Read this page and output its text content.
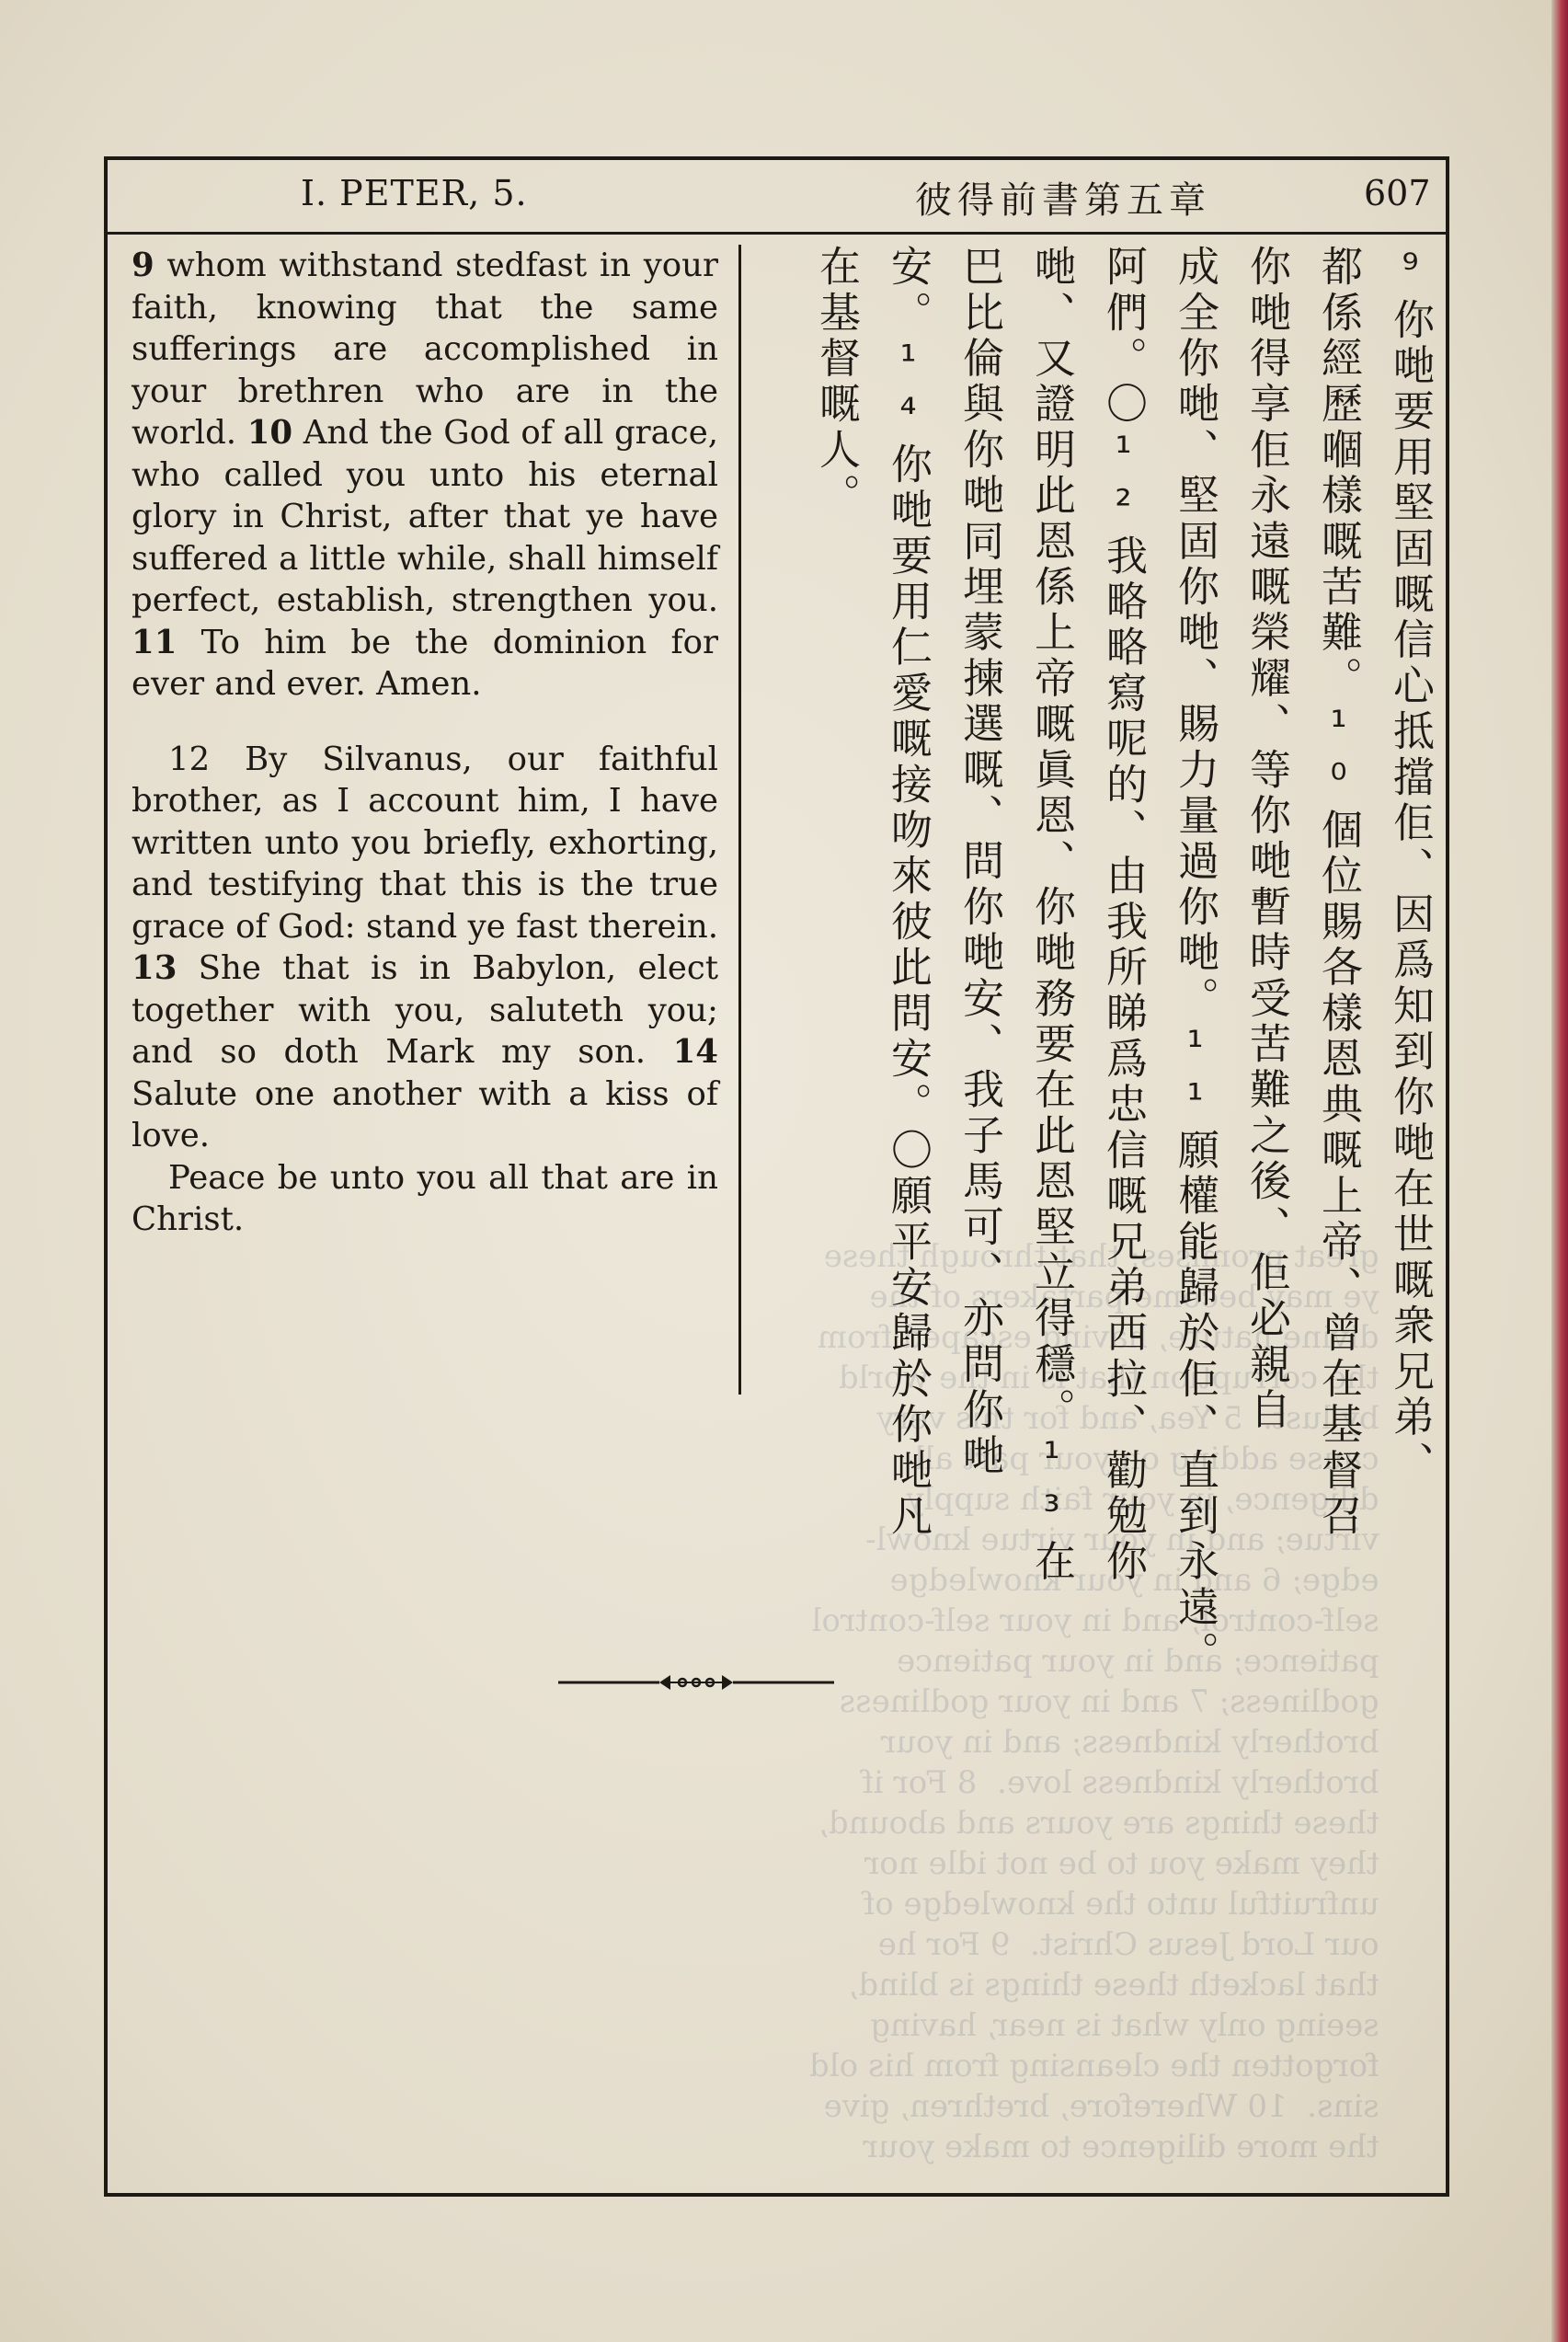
great promises; that through these
ye may become partakers of the
divine nature, having escaped from
the corruption that is in the world
by lust.  5 Yea, and for this very
cause adding on your part all
diligence, in your faith supply
virtue; and in your virtue knowl-
edge; 6 and in your knowledge
self-control; and in your self-control
patience; and in your patience
godliness; 7 and in your godliness
brotherly kindness; and in your
brotherly kindness love.  8 For if
these things are yours and abound,
they make you to be not idle nor
unfruitful unto the knowledge of
our Lord Jesus Christ.  9 For he
that lacketh these things is blind,
seeing only what is near, having
forgotten the cleansing from his old
sins.  10 Wherefore, brethren, give
the more diligence to make your
I. PETER, 5.	彼得前書第五章	607

9 whom withstand stedfast in your faith, knowing that the same sufferings are accomplished in your brethren who are in the world. 10 And the God of all grace, who called you unto his eternal glory in Christ, after that ye have suffered a little while, shall himself perfect, establish, strengthen you. 11 To him be the dominion for ever and ever. Amen.

12 By Silvanus, our faithful brother, as I account him, I have written unto you briefly, exhorting, and testifying that this is the true grace of God: stand ye fast therein. 13 She that is in Babylon, elect together with you, saluteth you; and so doth Mark my son. 14 Salute one another with a kiss of love.

Peace be unto you all that are in Christ.	⁹你哋要用堅固嘅信心抵擋佢、因爲知到你哋在世嘅衆兄弟、
都係經歷嗰樣嘅苦難。¹⁰個位賜各樣恩典嘅上帝、曾在基督召
你哋得享佢永遠嘅榮耀、等你哋暫時受苦難之後、佢必親自
成全你哋、堅固你哋、賜力量過你哋。¹¹願權能歸於佢、直到永遠。
阿們。〇¹²我略略寫呢的、由我所睇爲忠信嘅兄弟西拉、勸勉你
哋、又證明此恩係上帝嘅眞恩、你哋務要在此恩堅立得穩。¹³在
巴比倫與你哋同埋蒙揀選嘅、問你哋安、我子馬可、亦問你哋
安。¹⁴你哋要用仁愛嘅接吻來彼此問安。〇願平安歸於你哋凡
在基督嘅人。
